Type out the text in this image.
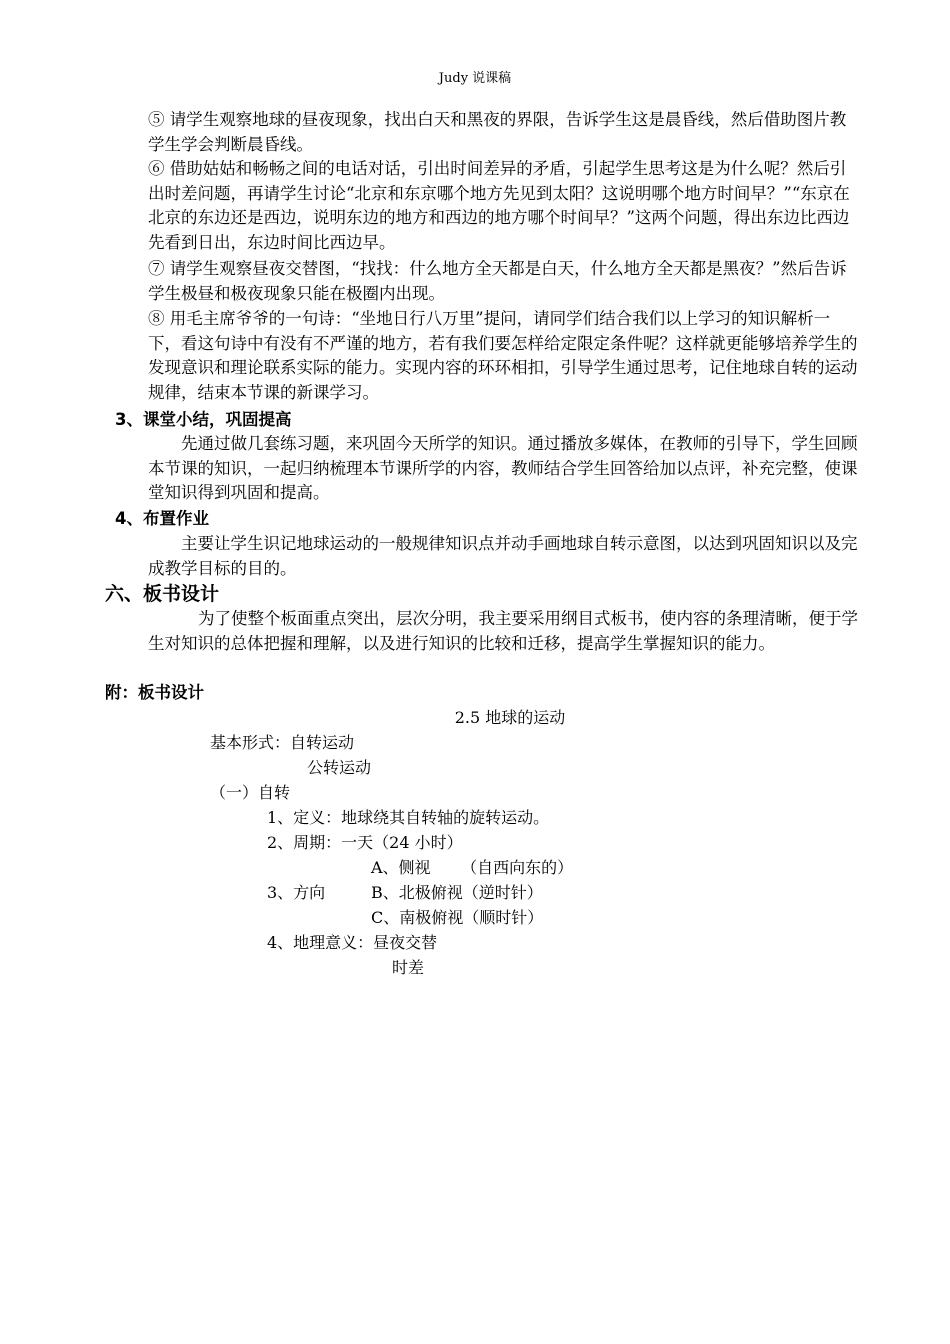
Judy 说课稿

⑤ 请学生观察地球的昼夜现象，找出白天和黑夜的界限，告诉学生这是晨昏线，然后借助图片教学生学会判断晨昏线。

⑥ 借助姑姑和畅畅之间的电话对话，引出时间差异的矛盾，引起学生思考这是为什么呢？然后引出时差问题，再请学生讨论“北京和东京哪个地方先见到太阳？这说明哪个地方时间早？”“东京在北京的东边还是西边，说明东边的地方和西边的地方哪个时间早？”这两个问题，得出东边比西边先看到日出，东边时间比西边早。

⑦ 请学生观察昼夜交替图，“找找：什么地方全天都是白天，什么地方全天都是黑夜？”然后告诉学生极昼和极夜现象只能在极圈内出现。

⑧ 用毛主席爷爷的一句诗：“坐地日行八万里”提问，请同学们结合我们以上学习的知识解析一下，看这句诗中有没有不严谨的地方，若有我们要怎样给定限定条件呢？这样就更能够培养学生的发现意识和理论联系实际的能力。实现内容的环环相扣，引导学生通过思考，记住地球自转的运动规律，结束本节课的新课学习。

3、课堂小结，巩固提高

先通过做几套练习题，来巩固今天所学的知识。通过播放多媒体，在教师的引导下，学生回顾本节课的知识，一起归纳梳理本节课所学的内容，教师结合学生回答给加以点评，补充完整，使课堂知识得到巩固和提高。

4、布置作业

主要让学生识记地球运动的一般规律知识点并动手画地球自转示意图，以达到巩固知识以及完成教学目标的目的。

六、板书设计

为了使整个板面重点突出，层次分明，我主要采用纲目式板书，使内容的条理清晰，便于学生对知识的总体把握和理解，以及进行知识的比较和迁移，提高学生掌握知识的能力。

附：板书设计
2.5 地球的运动
基本形式：自转运动
公转运动
（一）自转
1、定义：地球绕其自转轴的旋转运动。
2、周期：一天（24 小时）
A、侧视      （自西向东的）
3、方向	B、北极俯视（逆时针）
C、南极俯视（顺时针）
4、地理意义：昼夜交替
时差
